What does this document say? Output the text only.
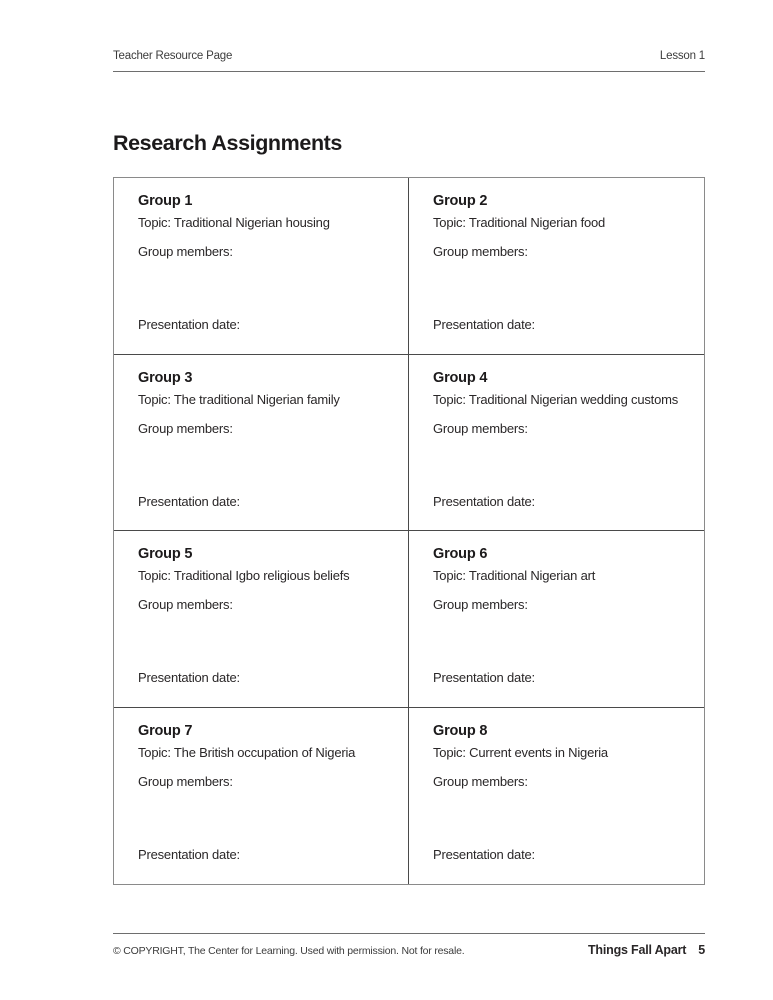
Teacher Resource Page	Lesson 1
Research Assignments
Group 1
Topic: Traditional Nigerian housing
Group members:
Presentation date:
Group 2
Topic: Traditional Nigerian food
Group members:
Presentation date:
Group 3
Topic: The traditional Nigerian family
Group members:
Presentation date:
Group 4
Topic: Traditional Nigerian wedding customs
Group members:
Presentation date:
Group 5
Topic: Traditional Igbo religious beliefs
Group members:
Presentation date:
Group 6
Topic: Traditional Nigerian art
Group members:
Presentation date:
Group 7
Topic: The British occupation of Nigeria
Group members:
Presentation date:
Group 8
Topic: Current events in Nigeria
Group members:
Presentation date:
© COPYRIGHT, The Center for Learning. Used with permission. Not for resale.	Things Fall Apart 5
